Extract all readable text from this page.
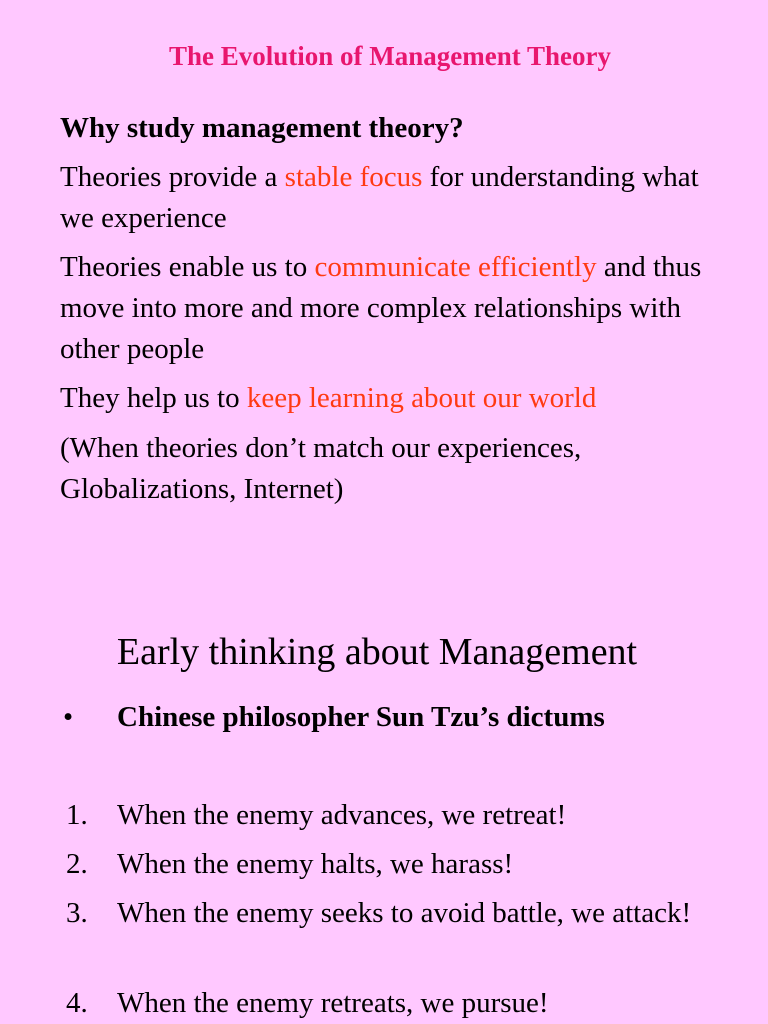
The Evolution of Management Theory

Why study management theory?

Theories provide a stable focus for understanding what we experience

Theories enable us to communicate efficiently and thus move into more and more complex relationships with other people

They help us to keep learning about our world

(When theories don’t match our experiences, Globalizations, Internet)

Early thinking about Management
• Chinese philosopher Sun Tzu’s dictums

1. When the enemy advances, we retreat!

2. When the enemy halts, we harass!

3. When the enemy seeks to avoid battle, we attack!

4. When the enemy retreats, we pursue!
